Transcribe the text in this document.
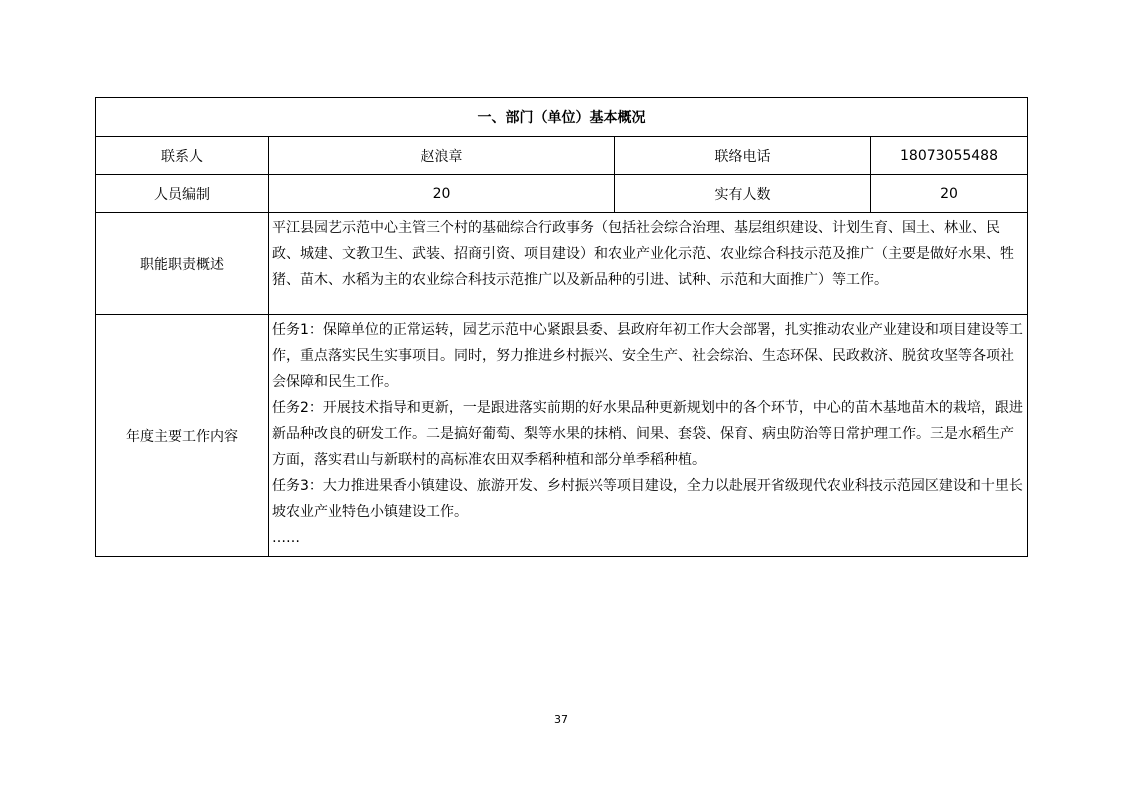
一、部门（单位）基本概况			
联系人	赵浪章	联络电话	18073055488
人员编制	20	实有人数	20
职能职责概述	平江县园艺示范中心主管三个村的基础综合行政事务（包括社会综合治理、基层组织建设、计划生育、国土、林业、民政、城建、文教卫生、武装、招商引资、项目建设）和农业产业化示范、农业综合科技示范及推广（主要是做好水果、牲猪、苗木、水稻为主的农业综合科技示范推广以及新品种的引进、试种、示范和大面推广）等工作。		

年度主要工作内容	任务1：保障单位的正常运转，园艺示范中心紧跟县委、县政府年初工作大会部署，扎实推动农业产业建设和项目建设等工作，重点落实民生实事项目。同时，努力推进乡村振兴、安全生产、社会综治、生态环保、民政救济、脱贫攻坚等各项社会保障和民生工作。

任务2：开展技术指导和更新，一是跟进落实前期的好水果品种更新规划中的各个环节，中心的苗木基地苗木的栽培，跟进新品种改良的研发工作。二是搞好葡萄、梨等水果的抹梢、间果、套袋、保育、病虫防治等日常护理工作。三是水稻生产方面，落实君山与新联村的高标准农田双季稻种植和部分单季稻种植。

任务3：大力推进果香小镇建设、旅游开发、乡村振兴等项目建设，全力以赴展开省级现代农业科技示范园区建设和十里长坡农业产业特色小镇建设工作。

……		

37
